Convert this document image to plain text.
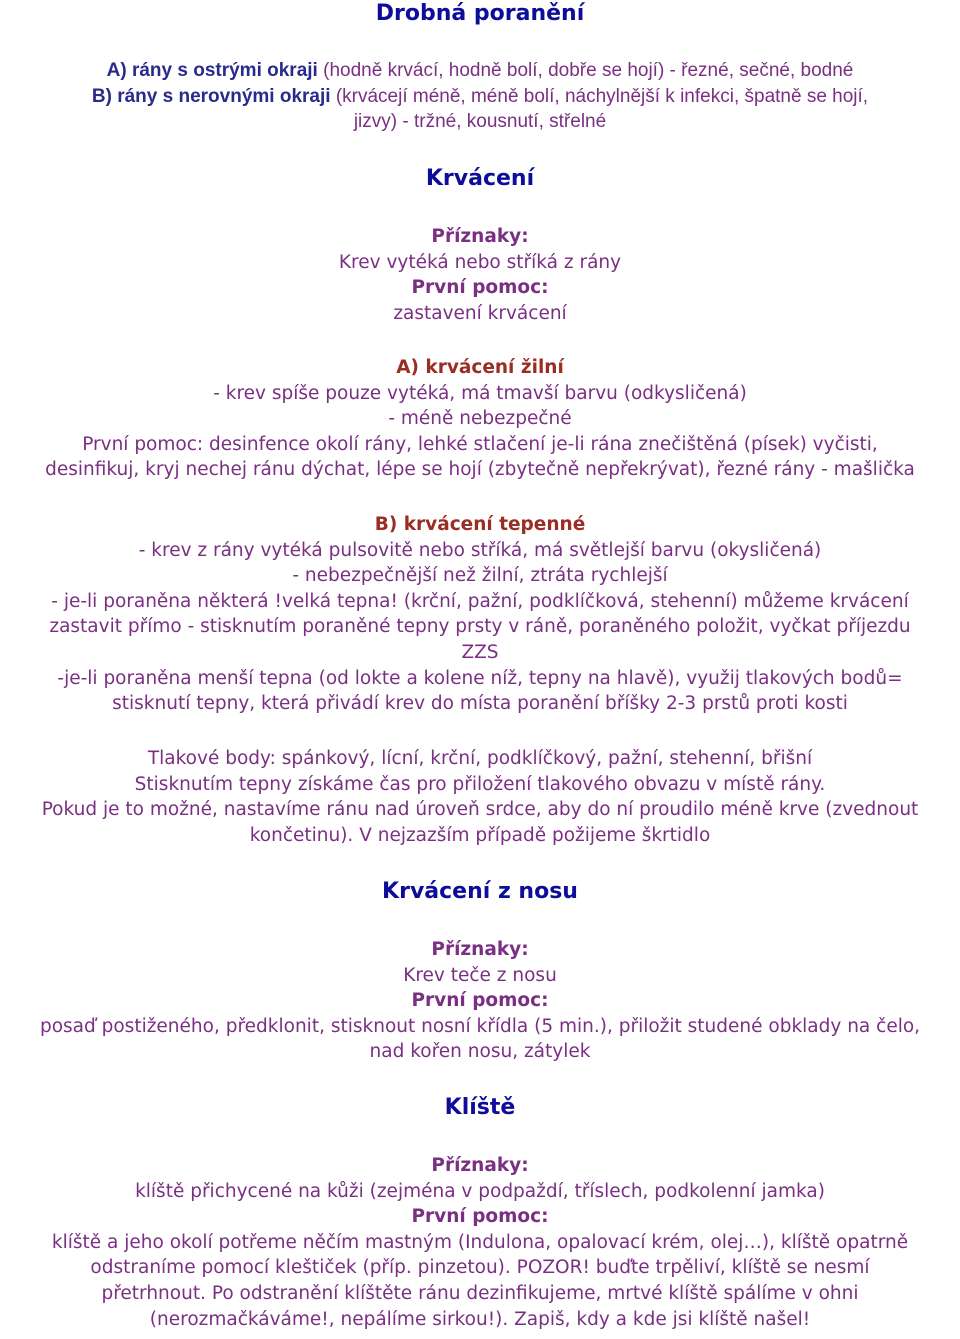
Drobná poranění

A) rány s ostrými okraji (hodně krvácí, hodně bolí, dobře se hojí) - řezné, sečné, bodné

B) rány s nerovnými okraji (krvácejí méně, méně bolí, náchylnější k infekci, špatně se hojí,

jizvy) - tržné, kousnutí, střelné

Krvácení

Příznaky:

Krev vytéká nebo stříká z rány

První pomoc:

zastavení krvácení

A) krvácení žilní

- krev spíše pouze vytéká, má tmavší barvu (odkysličená)

- méně nebezpečné

První pomoc: desinfence okolí rány, lehké stlačení je-li rána znečištěná (písek) vyčisti,

desinfikuj, kryj nechej ránu dýchat, lépe se hojí (zbytečně nepřekrývat), řezné rány - mašlička

B) krvácení tepenné

- krev z rány vytéká pulsovitě nebo stříká, má světlejší barvu (okysličená)

- nebezpečnější než žilní, ztráta rychlejší

- je-li poraněna některá !velká tepna! (krční, pažní, podklíčková, stehenní) můžeme krvácení

zastavit přímo - stisknutím poraněné tepny prsty v ráně, poraněného položit, vyčkat příjezdu

ZZS

-je-li poraněna menší tepna (od lokte a kolene níž, tepny na hlavě), využij tlakových bodů=

stisknutí tepny, která přivádí krev do místa poranění bříšky 2-3 prstů proti kosti

Tlakové body: spánkový, lícní, krční, podklíčkový, pažní, stehenní, břišní

Stisknutím tepny získáme čas pro přiložení tlakového obvazu v místě rány.

Pokud je to možné, nastavíme ránu nad úroveň srdce, aby do ní proudilo méně krve (zvednout

končetinu). V nejzazším případě požijeme škrtidlo

Krvácení z nosu

Příznaky:

Krev teče z nosu

První pomoc:

posaď postiženého, předklonit, stisknout nosní křídla (5 min.), přiložit studené obklady na čelo,

nad kořen nosu, zátylek

Klíště

Příznaky:

klíště přichycené na kůži (zejména v podpaždí, tříslech, podkolenní jamka)

První pomoc:

klíště a jeho okolí potřeme něčím mastným (Indulona, opalovací krém, olej…), klíště opatrně

odstraníme pomocí kleštiček (příp. pinzetou). POZOR! buďte trpěliví, klíště se nesmí

přetrhnout. Po odstranění klíštěte ránu dezinfikujeme, mrtvé klíště spálíme v ohni

(nerozmačkáváme!, nepálíme sirkou!). Zapiš, kdy a kde jsi klíště našel!
